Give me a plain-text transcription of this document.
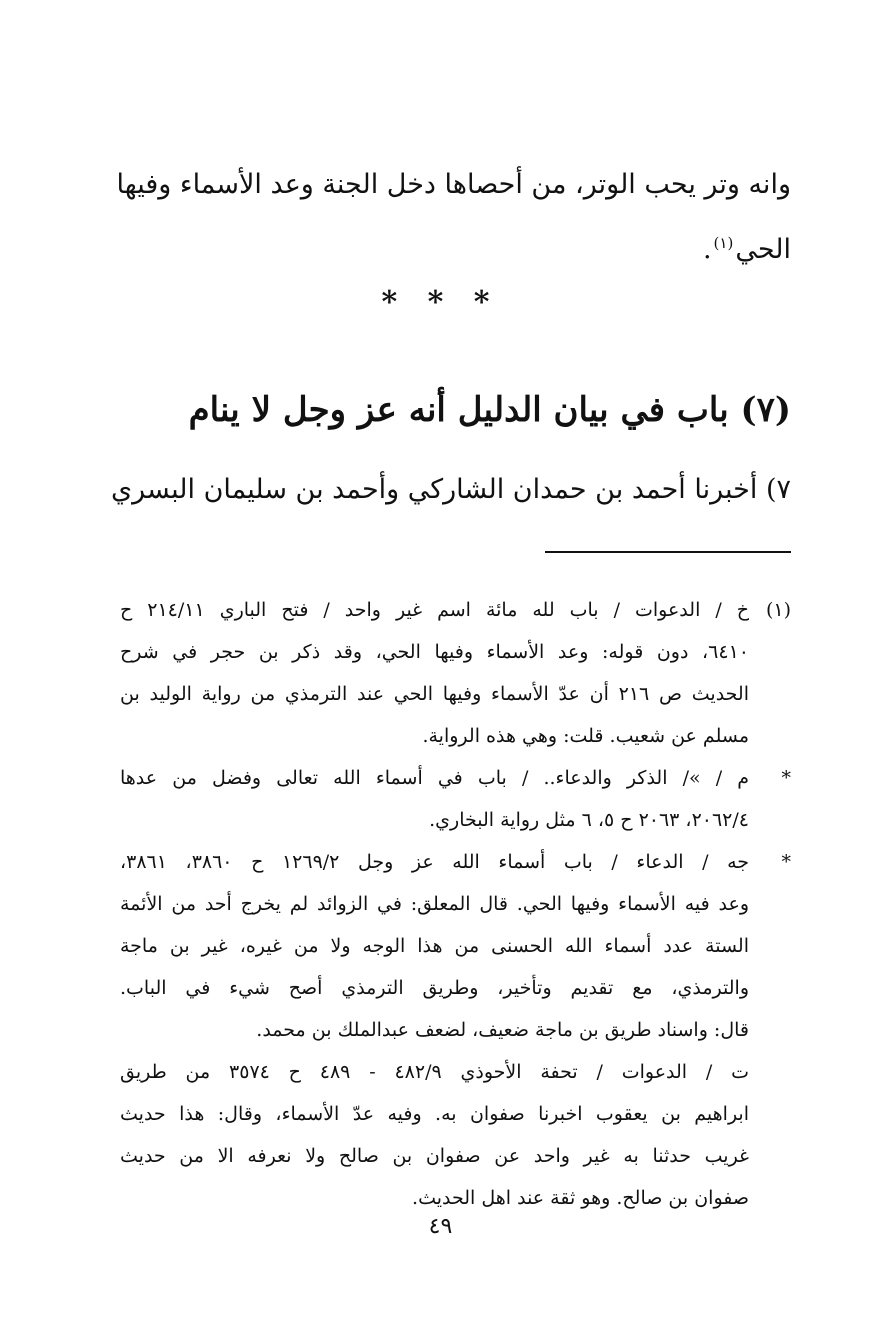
وانه وتر يحب الوتر، من أحصاها دخل الجنة وعد الأسماء وفيها
الحي$^{(١)}$.
* * *
(٧) باب في بيان الدليل أنه عز وجل لا ينام
٧) أخبرنا أحمد بن حمدان الشاركي وأحمد بن سليمان البسري
(١)
خ / الدعوات / باب لله مائة اسم غير واحد / فتح الباري ٢١٤/١١ ح
٦٤١٠، دون قوله: وعد الأسماء وفيها الحي، وقد ذكر بن حجر في شرح
الحديث ص ٢١٦ أن عدّ الأسماء وفيها الحي عند الترمذي من رواية الوليد بن
مسلم عن شعيب. قلت: وهي هذه الرواية.
*
م / »/ الذكر والدعاء.. / باب في أسماء الله تعالى وفضل من عدها
٢٠٦٢/٤، ٢٠٦٣ ح ٥، ٦ مثل رواية البخاري.
*
جه / الدعاء / باب أسماء الله عز وجل ١٢٦٩/٢ ح ٣٨٦٠، ٣٨٦١،
وعد فيه الأسماء وفيها الحي. قال المعلق: في الزوائد لم يخرج أحد من الأئمة
الستة عدد أسماء الله الحسنى من هذا الوجه ولا من غيره، غير بن ماجة
والترمذي، مع تقديم وتأخير، وطريق الترمذي أصح شيء في الباب.
قال: واسناد طريق بن ماجة ضعيف، لضعف عبدالملك بن محمد.
ت / الدعوات / تحفة الأحوذي ٤٨٢/٩ - ٤٨٩ ح ٣٥٧٤ من طريق
ابراهيم بن يعقوب اخبرنا صفوان به. وفيه عدّ الأسماء، وقال: هذا حديث
غريب حدثنا به غير واحد عن صفوان بن صالح ولا نعرفه الا من حديث
صفوان بن صالح. وهو ثقة عند اهل الحديث.
٤٩
